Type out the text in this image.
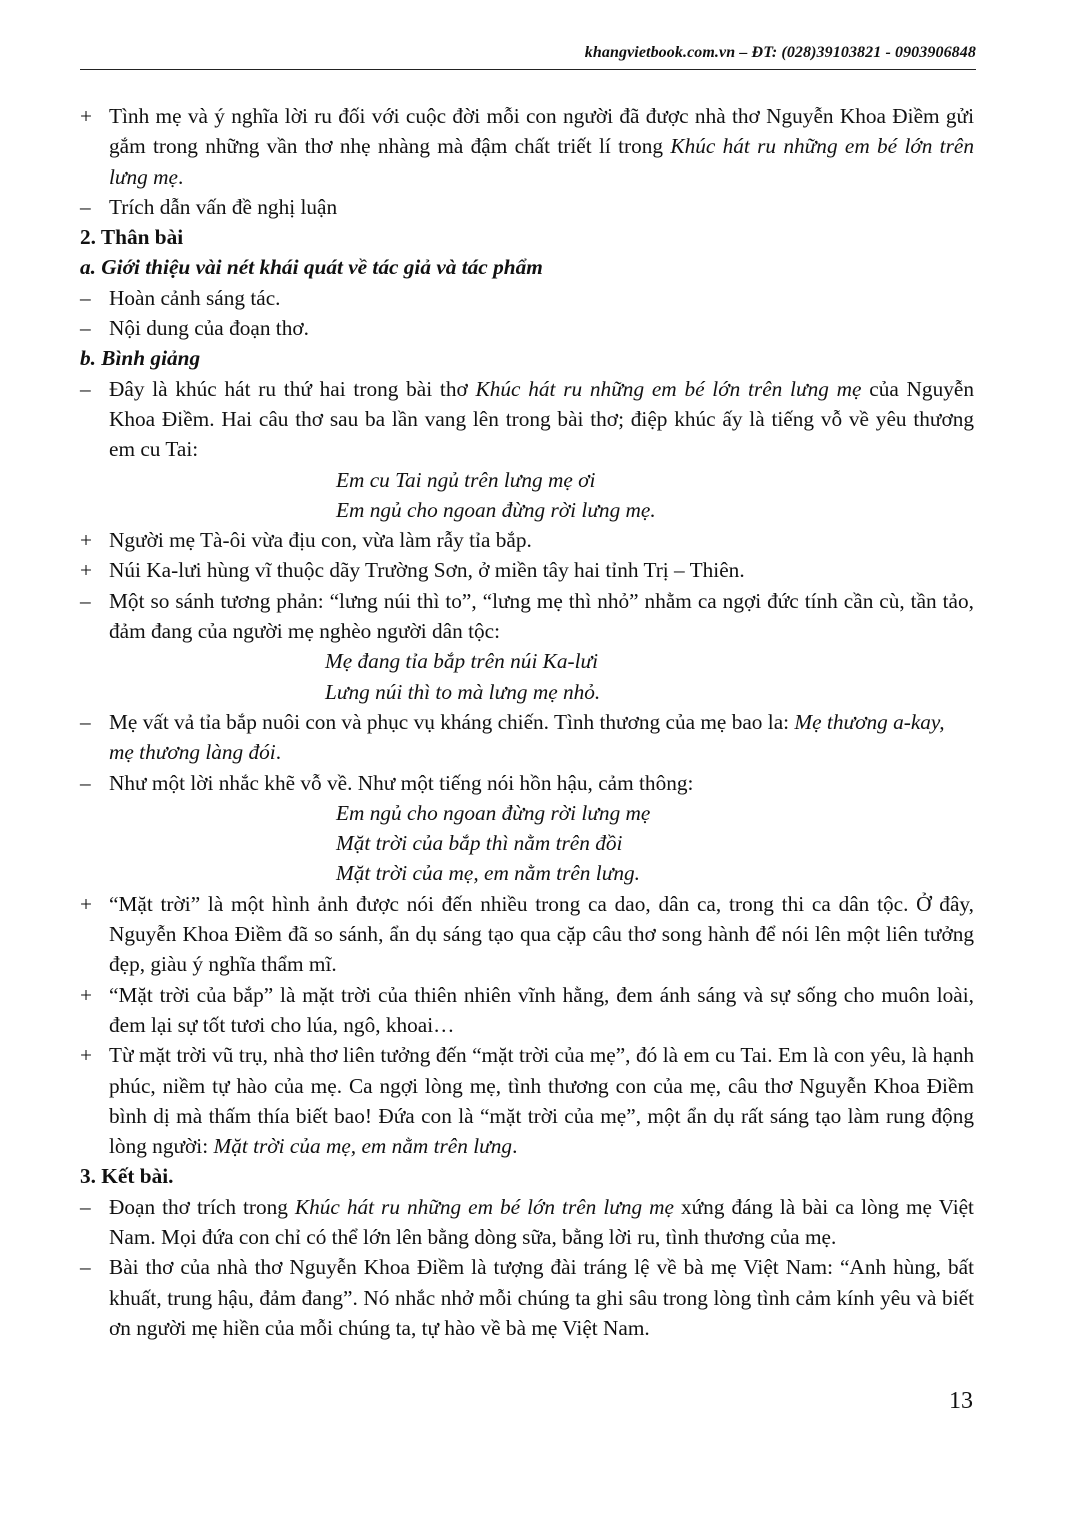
khangvietbook.com.vn – ĐT: (028)39103821 - 0903906848
+ Tình mẹ và ý nghĩa lời ru đối với cuộc đời mỗi con người đã được nhà thơ Nguyễn Khoa Điềm gửi gắm trong những vần thơ nhẹ nhàng mà đậm chất triết lí trong Khúc hát ru những em bé lớn trên lưng mẹ.
– Trích dẫn vấn đề nghị luận
2. Thân bài
a. Giới thiệu vài nét khái quát về tác giả và tác phẩm
– Hoàn cảnh sáng tác.
– Nội dung của đoạn thơ.
b. Bình giảng
– Đây là khúc hát ru thứ hai trong bài thơ Khúc hát ru những em bé lớn trên lưng mẹ của Nguyễn Khoa Điềm. Hai câu thơ sau ba lần vang lên trong bài thơ; điệp khúc ấy là tiếng vỗ về yêu thương em cu Tai:
Em cu Tai ngủ trên lưng mẹ ơi
Em ngủ cho ngoan đừng rời lưng mẹ.
+ Người mẹ Tà-ôi vừa địu con, vừa làm rẫy tỉa bắp.
+ Núi Ka-lưi hùng vĩ thuộc dãy Trường Sơn, ở miền tây hai tỉnh Trị – Thiên.
– Một so sánh tương phản: “lưng núi thì to”, “lưng mẹ thì nhỏ” nhằm ca ngợi đức tính cần cù, tần tảo, đảm đang của người mẹ nghèo người dân tộc:
Mẹ đang tỉa bắp trên núi Ka-lưi
Lưng núi thì to mà lưng mẹ nhỏ.
– Mẹ vất vả tỉa bắp nuôi con và phục vụ kháng chiến. Tình thương của mẹ bao la: Mẹ thương a-kay, mẹ thương làng đói.
– Như một lời nhắc khẽ vỗ về. Như một tiếng nói hồn hậu, cảm thông:
Em ngủ cho ngoan đừng rời lưng mẹ
Mặt trời của bắp thì nằm trên đồi
Mặt trời của mẹ, em nằm trên lưng.
+ “Mặt trời” là một hình ảnh được nói đến nhiều trong ca dao, dân ca, trong thi ca dân tộc. Ở đây, Nguyễn Khoa Điềm đã so sánh, ẩn dụ sáng tạo qua cặp câu thơ song hành để nói lên một liên tưởng đẹp, giàu ý nghĩa thẩm mĩ.
+ “Mặt trời của bắp” là mặt trời của thiên nhiên vĩnh hằng, đem ánh sáng và sự sống cho muôn loài, đem lại sự tốt tươi cho lúa, ngô, khoai…
+ Từ mặt trời vũ trụ, nhà thơ liên tưởng đến “mặt trời của mẹ”, đó là em cu Tai. Em là con yêu, là hạnh phúc, niềm tự hào của mẹ. Ca ngợi lòng mẹ, tình thương con của mẹ, câu thơ Nguyễn Khoa Điềm bình dị mà thấm thía biết bao! Đứa con là “mặt trời của mẹ”, một ẩn dụ rất sáng tạo làm rung động lòng người: Mặt trời của mẹ, em nằm trên lưng.
3. Kết bài.
– Đoạn thơ trích trong Khúc hát ru những em bé lớn trên lưng mẹ xứng đáng là bài ca lòng mẹ Việt Nam. Mọi đứa con chỉ có thể lớn lên bằng dòng sữa, bằng lời ru, tình thương của mẹ.
– Bài thơ của nhà thơ Nguyễn Khoa Điềm là tượng đài tráng lệ về bà mẹ Việt Nam: “Anh hùng, bất khuất, trung hậu, đảm đang”. Nó nhắc nhở mỗi chúng ta ghi sâu trong lòng tình cảm kính yêu và biết ơn người mẹ hiền của mỗi chúng ta, tự hào về bà mẹ Việt Nam.
13
